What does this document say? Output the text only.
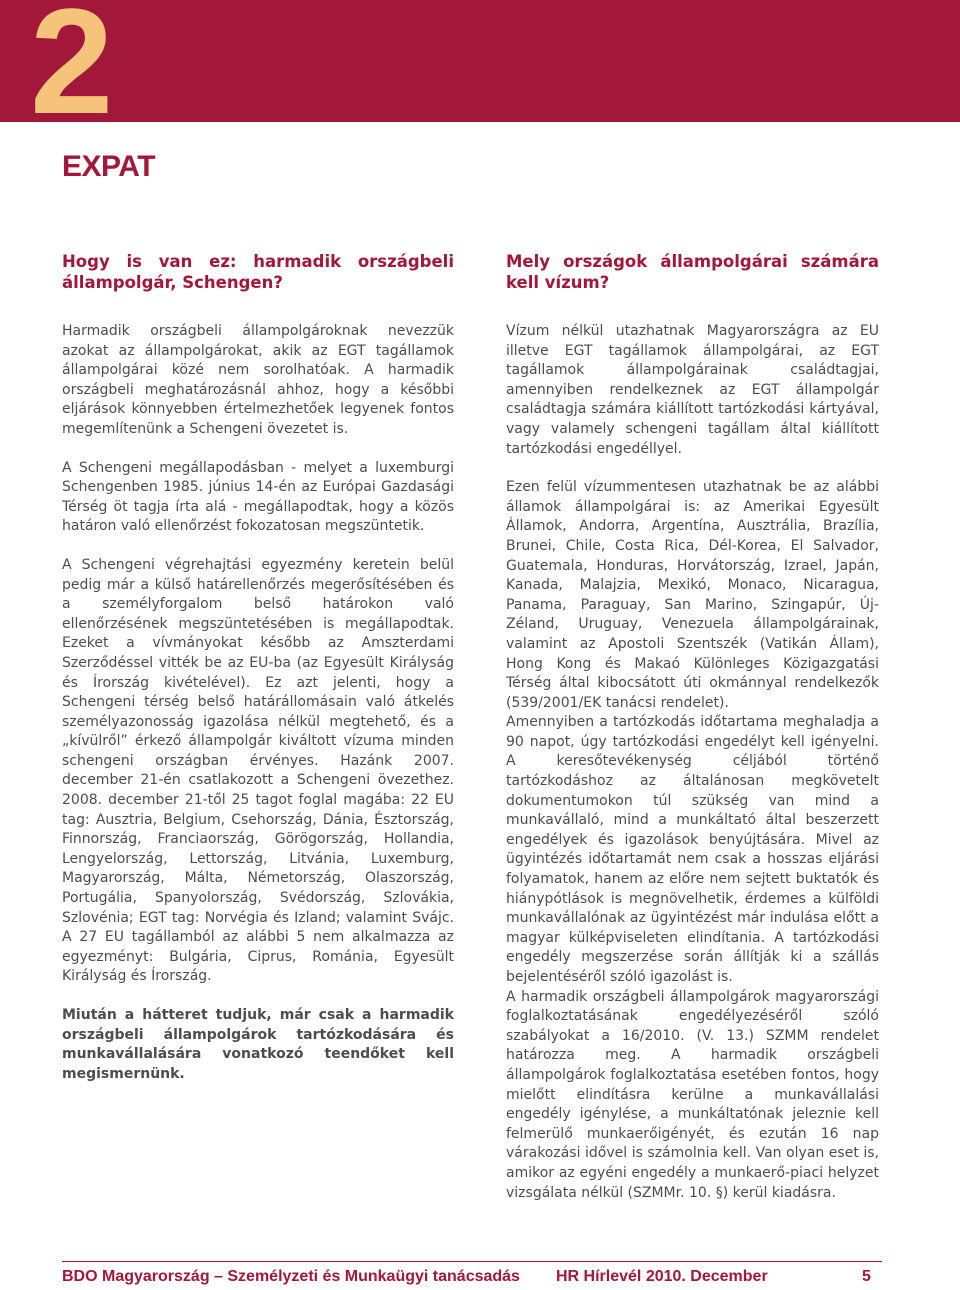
2
EXPAT
Hogy is van ez: harmadik országbeli állampolgár, Schengen?

Harmadik országbeli állampolgároknak nevezzük azokat az állampolgárokat, akik az EGT tagállamok állampolgárai közé nem sorolhatóak. A harmadik országbeli meghatározásnál ahhoz, hogy a későbbi eljárások könnyebben értelmezhetőek legyenek fontos megemlítenünk a Schengeni övezetet is.

A Schengeni megállapodásban - melyet a luxemburgi Schengenben 1985. június 14-én az Európai Gazdasági Térség öt tagja írta alá - megállapodtak, hogy a közös határon való ellenőrzést fokozatosan megszüntetik.

A Schengeni végrehajtási egyezmény keretein belül pedig már a külső határellenőrzés megerősítésében és a személyforgalom belső határokon való ellenőrzésének megszüntetésében is megállapodtak. Ezeket a vívmányokat később az Amszterdami Szerződéssel vitték be az EU-ba (az Egyesült Királyság és Írország kivételével). Ez azt jelenti, hogy a Schengeni térség belső határállomásain való átkelés személyazonosság igazolása nélkül megtehető, és a „kívülről” érkező állampolgár kiváltott vízuma minden schengeni országban érvényes. Hazánk 2007. december 21-én csatlakozott a Schengeni övezethez. 2008. december 21-től 25 tagot foglal magába: 22 EU tag: Ausztria, Belgium, Csehország, Dánia, Észtország, Finnország, Franciaország, Görögország, Hollandia, Lengyelország, Lettország, Litvánia, Luxemburg, Magyarország, Málta, Németország, Olaszország, Portugália, Spanyolország, Svédország, Szlovákia, Szlovénia; EGT tag: Norvégia és Izland; valamint Svájc. A 27 EU tagállamból az alábbi 5 nem alkalmazza az egyezményt: Bulgária, Ciprus, Románia, Egyesült Királyság és Írország.

Miután a hátteret tudjuk, már csak a harmadik országbeli állampolgárok tartózkodására és munkavállalására vonatkozó teendőket kell megismernünk.

Mely országok állampolgárai számára kell vízum?

Vízum nélkül utazhatnak Magyarországra az EU illetve EGT tagállamok állampolgárai, az EGT tagállamok állampolgárainak családtagjai, amennyiben rendelkeznek az EGT állampolgár családtagja számára kiállított tartózkodási kártyával, vagy valamely schengeni tagállam által kiállított tartózkodási engedéllyel.

Ezen felül vízummentesen utazhatnak be az alábbi államok állampolgárai is: az Amerikai Egyesült Államok, Andorra, Argentína, Ausztrália, Brazília, Brunei, Chile, Costa Rica, Dél-Korea, El Salvador, Guatemala, Honduras, Horvátország, Izrael, Japán, Kanada, Malajzia, Mexikó, Monaco, Nicaragua, Panama, Paraguay, San Marino, Szingapúr, Új-Zéland, Uruguay, Venezuela állampolgárainak, valamint az Apostoli Szentszék (Vatikán Állam), Hong Kong és Makaó Különleges Közigazgatási Térség által kibocsátott úti okmánnyal rendelkezők (539/2001/EK tanácsi rendelet).

Amennyiben a tartózkodás időtartama meghaladja a 90 napot, úgy tartózkodási engedélyt kell igényelni. A keresőtevékenység céljából történő tartózkodáshoz az általánosan megkövetelt dokumentumokon túl szükség van mind a munkavállaló, mind a munkáltató által beszerzett engedélyek és igazolások benyújtására. Mivel az ügyintézés időtartamát nem csak a hosszas eljárási folyamatok, hanem az előre nem sejtett buktatók és hiánypótlások is megnövelhetik, érdemes a külföldi munkavállalónak az ügyintézést már indulása előtt a magyar külképviseleten elindítania. A tartózkodási engedély megszerzése során állítják ki a szállás bejelentéséről szóló igazolást is.

A harmadik országbeli állampolgárok magyarországi foglalkoztatásának engedélyezéséről szóló szabályokat a 16/2010. (V. 13.) SZMM rendelet határozza meg. A harmadik országbeli állampolgárok foglalkoztatása esetében fontos, hogy mielőtt elindításra kerülne a munkavállalási engedély igénylése, a munkáltatónak jeleznie kell felmerülő munkaerőigényét, és ezután 16 nap várakozási idővel is számolnia kell. Van olyan eset is, amikor az egyéni engedély a munkaerő-piaci helyzet vizsgálata nélkül (SZMMr. 10. §) kerül kiadásra.

BDO Magyarország – Személyzeti és Munkaügyi tanácsadás HR Hírlevél 2010. December	5
